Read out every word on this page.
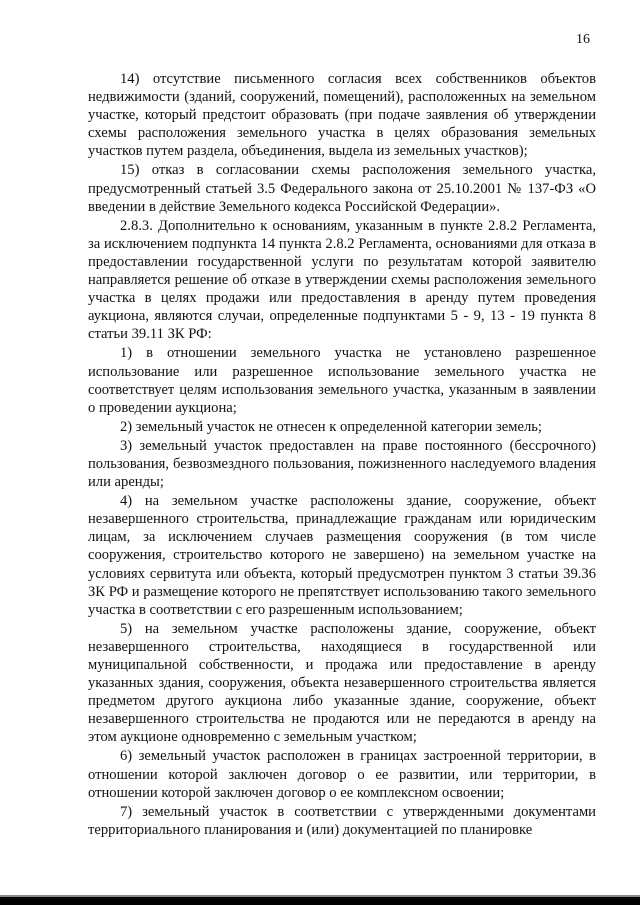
16

14) отсутствие письменного согласия всех собственников объектов недвижимости (зданий, сооружений, помещений), расположенных на земельном участке, который предстоит образовать (при подаче заявления об утверждении схемы расположения земельного участка в целях образования земельных участков путем раздела, объединения, выдела из земельных участков);

15) отказ в согласовании схемы расположения земельного участка, предусмотренный статьей 3.5 Федерального закона от 25.10.2001 № 137-ФЗ «О введении в действие Земельного кодекса Российской Федерации».

2.8.3. Дополнительно к основаниям, указанным в пункте 2.8.2 Регламента, за исключением подпункта 14 пункта 2.8.2 Регламента, основаниями для отказа в предоставлении государственной услуги по результатам которой заявителю направляется решение об отказе в утверждении схемы расположения земельного участка в целях продажи или предоставления в аренду путем проведения аукциона, являются случаи, определенные подпунктами 5 - 9, 13 - 19 пункта 8 статьи 39.11 ЗК РФ:

1) в отношении земельного участка не установлено разрешенное использование или разрешенное использование земельного участка не соответствует целям использования земельного участка, указанным в заявлении о проведении аукциона;

2) земельный участок не отнесен к определенной категории земель;

3) земельный участок предоставлен на праве постоянного (бессрочного) пользования, безвозмездного пользования, пожизненного наследуемого владения или аренды;

4) на земельном участке расположены здание, сооружение, объект незавершенного строительства, принадлежащие гражданам или юридическим лицам, за исключением случаев размещения сооружения (в том числе сооружения, строительство которого не завершено) на земельном участке на условиях сервитута или объекта, который предусмотрен пунктом 3 статьи 39.36 ЗК РФ и размещение которого не препятствует использованию такого земельного участка в соответствии с его разрешенным использованием;

5) на земельном участке расположены здание, сооружение, объект незавершенного строительства, находящиеся в государственной или муниципальной собственности, и продажа или предоставление в аренду указанных здания, сооружения, объекта незавершенного строительства является предметом другого аукциона либо указанные здание, сооружение, объект незавершенного строительства не продаются или не передаются в аренду на этом аукционе одновременно с земельным участком;

6) земельный участок расположен в границах застроенной территории, в отношении которой заключен договор о ее развитии, или территории, в отношении которой заключен договор о ее комплексном освоении;

7) земельный участок в соответствии с утвержденными документами территориального планирования и (или) документацией по планировке
